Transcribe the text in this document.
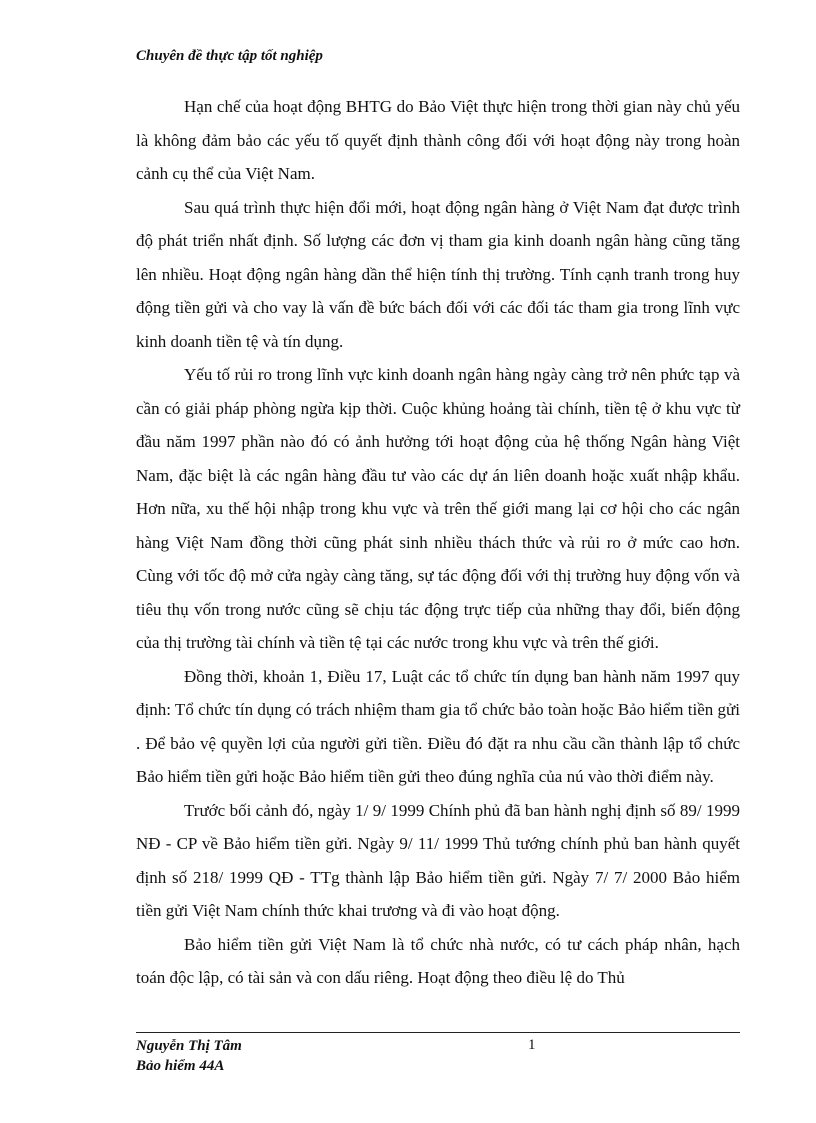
Chuyên đề thực tập tốt nghiệp

Hạn chế của hoạt động BHTG do Bảo Việt thực hiện trong thời gian này chủ yếu là không đảm bảo các yếu tố quyết định thành công đối với hoạt động này trong hoàn cảnh cụ thể của Việt Nam.

Sau quá trình thực hiện đổi mới, hoạt động ngân hàng ở Việt Nam đạt được trình độ phát triển nhất định. Số lượng các đơn vị tham gia kinh doanh ngân hàng cũng tăng lên nhiều. Hoạt động ngân hàng dần thể hiện tính thị trường. Tính cạnh tranh trong huy động tiền gửi và cho vay là vấn đề bức bách đối với các đối tác tham gia trong lĩnh vực kinh doanh tiền tệ và tín dụng.

Yếu tố rủi ro trong lĩnh vực kinh doanh ngân hàng ngày càng trở nên phức tạp và cần có giải pháp phòng ngừa kịp thời. Cuộc khủng hoảng tài chính, tiền tệ ở khu vực từ đầu năm 1997 phần nào đó có ảnh hưởng tới hoạt động của hệ thống Ngân hàng Việt Nam, đặc biệt là các ngân hàng đầu tư vào các dự án liên doanh hoặc xuất nhập khẩu. Hơn nữa, xu thế hội nhập trong khu vực và trên thế giới mang lại cơ hội cho các ngân hàng Việt Nam đồng thời cũng phát sinh nhiều thách thức và rủi ro ở mức cao hơn. Cùng với tốc độ mở cửa ngày càng tăng, sự tác động đối với thị trường huy động vốn và tiêu thụ vốn trong nước cũng sẽ chịu tác động trực tiếp của những thay đổi, biến động của thị trường tài chính và tiền tệ tại các nước trong khu vực và trên thế giới.

Đồng thời, khoản 1, Điều 17, Luật các tổ chức tín dụng ban hành năm 1997 quy định: Tổ chức tín dụng có trách nhiệm tham gia tổ chức bảo toàn hoặc Bảo hiểm tiền gửi . Để bảo vệ quyền lợi của người gửi tiền. Điều đó đặt ra nhu cầu cần thành lập tổ chức Bảo hiểm tiền gửi hoặc Bảo hiểm tiền gửi theo đúng nghĩa của nú vào thời điểm này.

Trước bối cảnh đó, ngày 1/ 9/ 1999 Chính phủ đã ban hành nghị định số 89/ 1999 NĐ - CP về Bảo hiểm tiền gửi. Ngày 9/ 11/ 1999 Thủ tướng chính phủ ban hành quyết định số 218/ 1999 QĐ - TTg thành lập Bảo hiểm tiền gửi. Ngày 7/ 7/ 2000 Bảo hiểm tiền gửi Việt Nam chính thức khai trương và đi vào hoạt động.

Bảo hiểm tiền gửi Việt Nam là tổ chức nhà nước, có tư cách pháp nhân, hạch toán độc lập, có tài sản và con dấu riêng. Hoạt động theo điều lệ do Thủ

Nguyễn Thị Tâm
Bảo hiểm 44A
1
